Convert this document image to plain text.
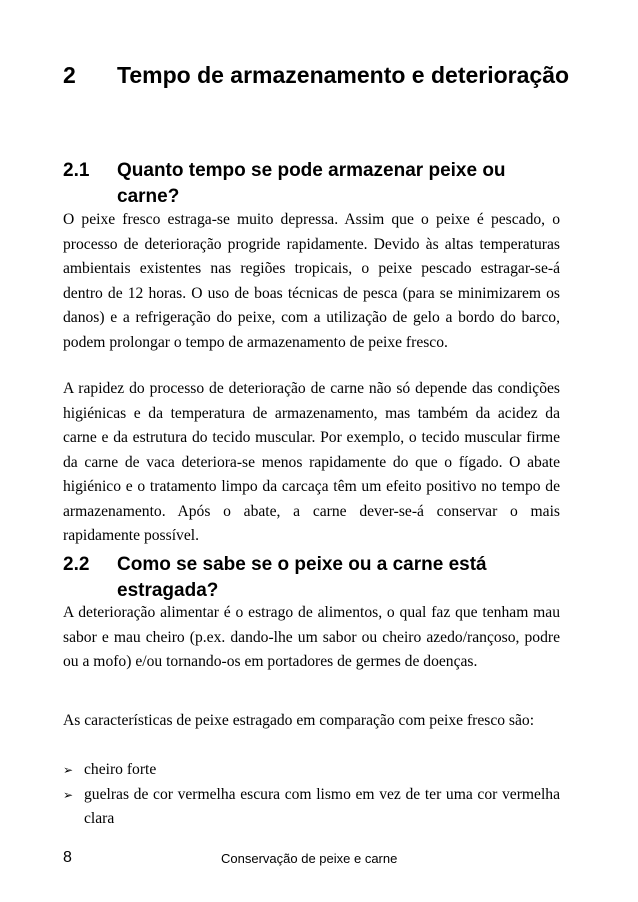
2 Tempo de armazenamento e deterioração
2.1 Quanto tempo se pode armazenar peixe ou carne?

O peixe fresco estraga-se muito depressa. Assim que o peixe é pescado, o processo de deterioração progride rapidamente. Devido às altas temperaturas ambientais existentes nas regiões tropicais, o peixe pescado estragar-se-á dentro de 12 horas. O uso de boas técnicas de pesca (para se minimizarem os danos) e a refrigeração do peixe, com a utilização de gelo a bordo do barco, podem prolongar o tempo de armazenamento de peixe fresco.

A rapidez do processo de deterioração de carne não só depende das condições higiénicas e da temperatura de armazenamento, mas também da acidez da carne e da estrutura do tecido muscular. Por exemplo, o tecido muscular firme da carne de vaca deteriora-se menos rapidamente do que o fígado. O abate higiénico e o tratamento limpo da carcaça têm um efeito positivo no tempo de armazenamento. Após o abate, a carne dever-se-á conservar o mais rapidamente possível.

2.2 Como se sabe se o peixe ou a carne está estragada?

A deterioração alimentar é o estrago de alimentos, o qual faz que tenham mau sabor e mau cheiro (p.ex. dando-lhe um sabor ou cheiro azedo/rançoso, podre ou a mofo) e/ou tornando-os em portadores de germes de doenças.

As características de peixe estragado em comparação com peixe fresco são:

➢ cheiro forte
➢ guelras de cor vermelha escura com lismo em vez de ter uma cor vermelha clara
8	Conservação de peixe e carne
